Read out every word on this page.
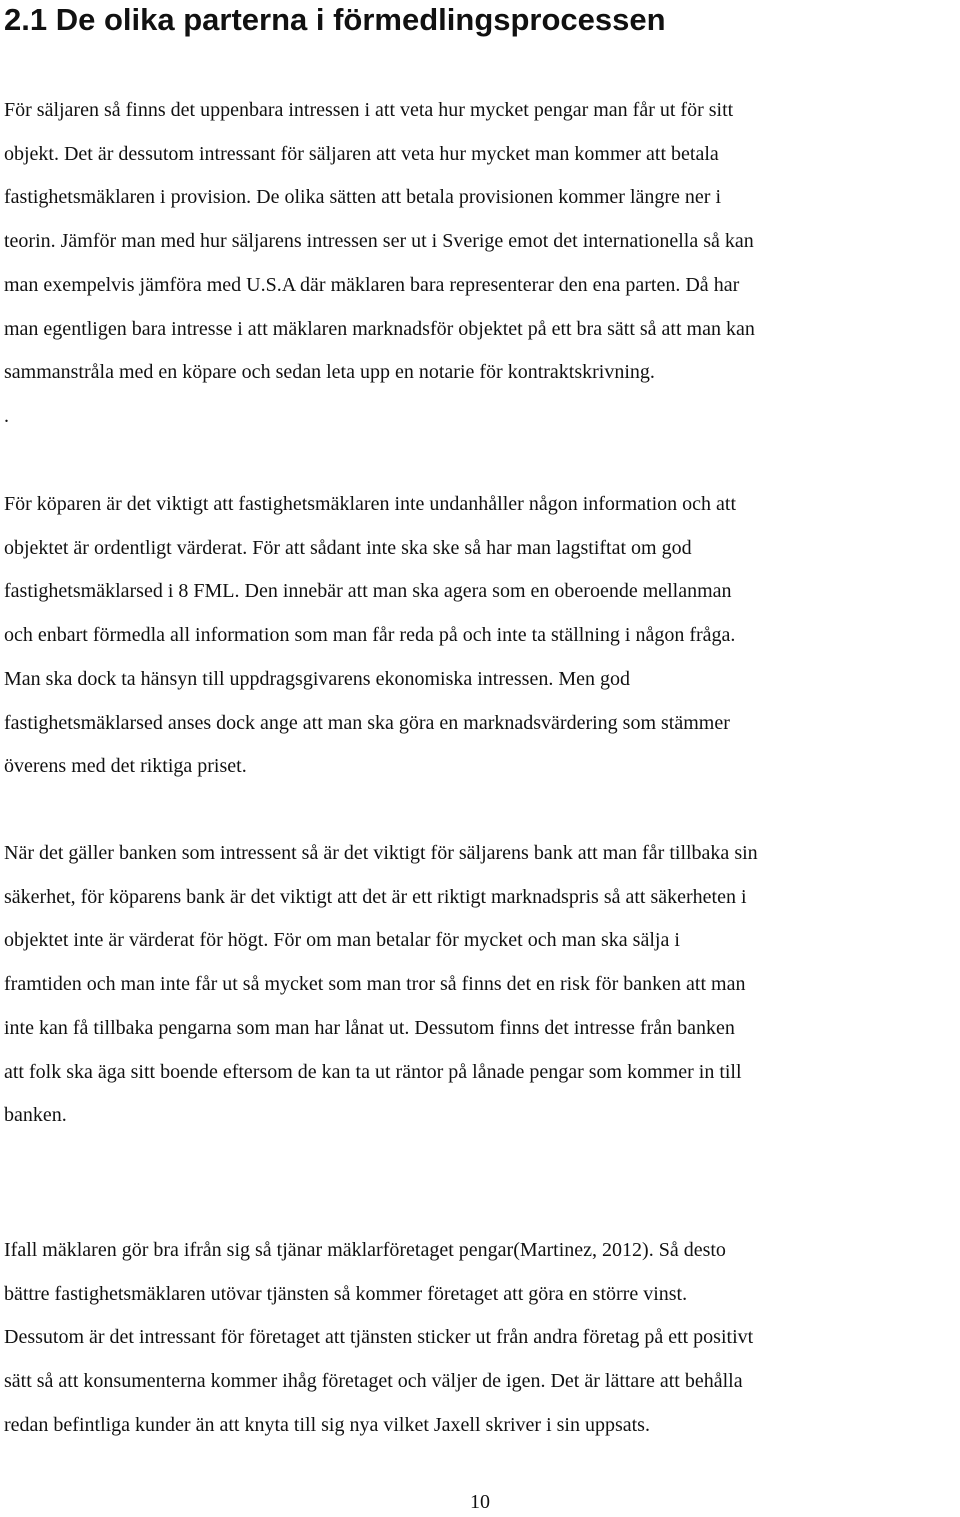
2.1 De olika parterna i förmedlingsprocessen
För säljaren så finns det uppenbara intressen i att veta hur mycket pengar man får ut för sitt
objekt. Det är dessutom intressant för säljaren att veta hur mycket man kommer att betala
fastighetsmäklaren i provision. De olika sätten att betala provisionen kommer längre ner i
teorin. Jämför man med hur säljarens intressen ser ut i Sverige emot det internationella så kan
man exempelvis jämföra med U.S.A där mäklaren bara representerar den ena parten. Då har
man egentligen bara intresse i att mäklaren marknadsför objektet på ett bra sätt så att man kan
sammanstråla med en köpare och sedan leta upp en notarie för kontraktskrivning.
.
För köparen är det viktigt att fastighetsmäklaren inte undanhåller någon information och att
objektet är ordentligt värderat. För att sådant inte ska ske så har man lagstiftat om god
fastighetsmäklarsed i 8 FML. Den innebär att man ska agera som en oberoende mellanman
och enbart förmedla all information som man får reda på och inte ta ställning i någon fråga.
Man ska dock ta hänsyn till uppdragsgivarens ekonomiska intressen. Men god
fastighetsmäklarsed anses dock ange att man ska göra en marknadsvärdering som stämmer
överens med det riktiga priset.
När det gäller banken som intressent så är det viktigt för säljarens bank att man får tillbaka sin
säkerhet, för köparens bank är det viktigt att det är ett riktigt marknadspris så att säkerheten i
objektet inte är värderat för högt. För om man betalar för mycket och man ska sälja i
framtiden och man inte får ut så mycket som man tror så finns det en risk för banken att man
inte kan få tillbaka pengarna som man har lånat ut. Dessutom finns det intresse från banken
att folk ska äga sitt boende eftersom de kan ta ut räntor på lånade pengar som kommer in till
banken.
Ifall mäklaren gör bra ifrån sig så tjänar mäklarföretaget pengar(Martinez, 2012). Så desto
bättre fastighetsmäklaren utövar tjänsten så kommer företaget att göra en större vinst.
Dessutom är det intressant för företaget att tjänsten sticker ut från andra företag på ett positivt
sätt så att konsumenterna kommer ihåg företaget och väljer de igen. Det är lättare att behålla
redan befintliga kunder än att knyta till sig nya vilket Jaxell skriver i sin uppsats.
10
